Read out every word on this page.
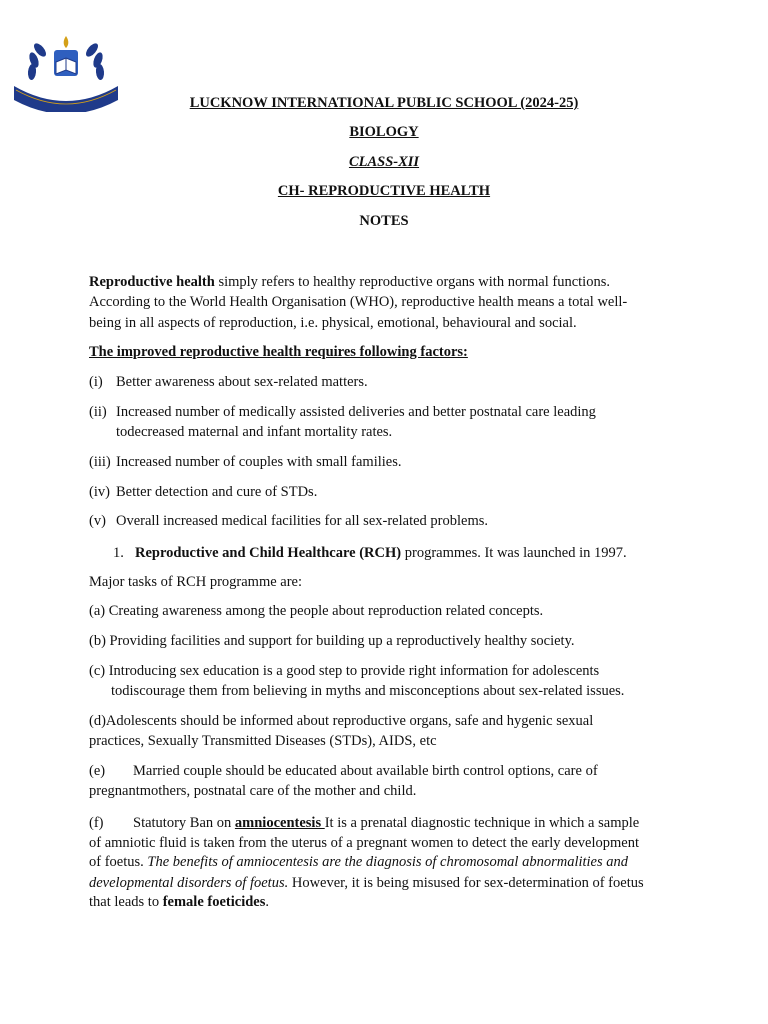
LUCKNOW INTERNATIONAL PUBLIC SCHOOL (2024-25)
BIOLOGY
CLASS-XII
CH- REPRODUCTIVE HEALTH
NOTES
Reproductive health simply refers to healthy reproductive organs with normal functions.
According to the World Health Organisation (WHO), reproductive health means a total well-
being in all aspects of reproduction, i.e. physical, emotional, behavioural and social.
The improved reproductive health requires following factors:
(i) Better awareness about sex-related matters.
(ii) Increased number of medically assisted deliveries and better postnatal care leading
todecreased maternal and infant mortality rates.
(iii) Increased number of couples with small families.
(iv) Better detection and cure of STDs.
(v) Overall increased medical facilities for all sex-related problems.
1. Reproductive and Child Healthcare (RCH) programmes. It was launched in 1997.
Major tasks of RCH programme are:
(a) Creating awareness among the people about reproduction related concepts.
(b) Providing facilities and support for building up a reproductively healthy society.
(c) Introducing sex education is a good step to provide right information for adolescents
todiscourage them from believing in myths and misconceptions about sex-related issues.
(d)Adolescents should be informed about reproductive organs, safe and hygenic sexual
practices, Sexually Transmitted Diseases (STDs), AIDS, etc
(e) Married couple should be educated about available birth control options, care of
pregnantmothers, postnatal care of the mother and child.
(f) Statutory Ban on amniocentesis It is a prenatal diagnostic technique in which a sample
of amniotic fluid is taken from the uterus of a pregnant women to detect the early development
of foetus. The benefits of amniocentesis are the diagnosis of chromosomal abnormalities and
developmental disorders of foetus. However, it is being misused for sex-determination of foetus
that leads to female foeticides.
